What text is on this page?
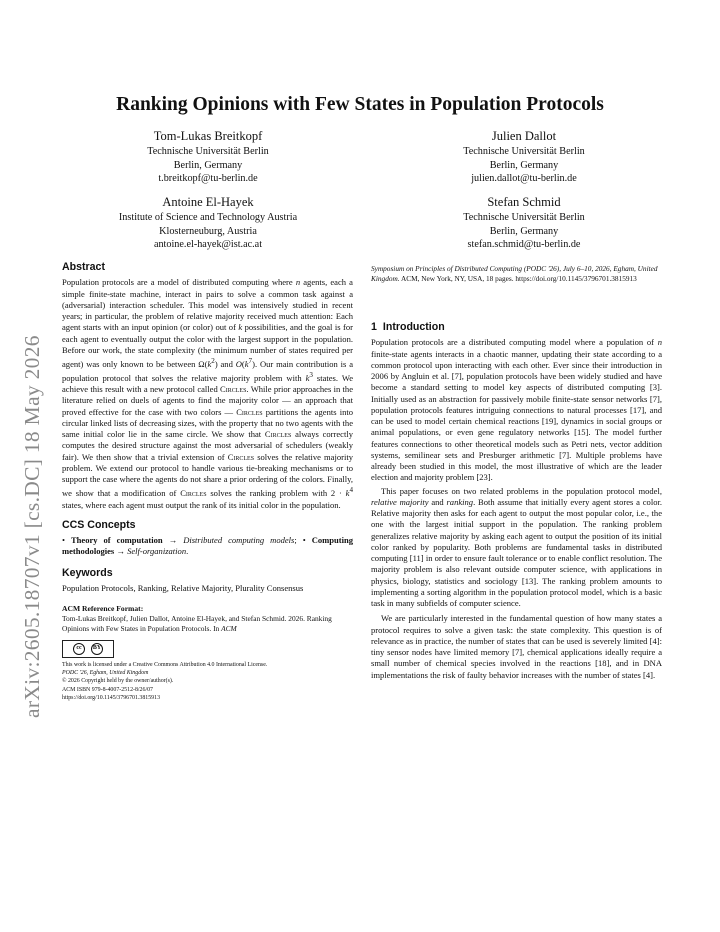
arXiv:2605.18707v1 [cs.DC] 18 May 2026
Ranking Opinions with Few States in Population Protocols
Tom-Lukas Breitkopf
Technische Universität Berlin
Berlin, Germany
t.breitkopf@tu-berlin.de
Julien Dallot
Technische Universität Berlin
Berlin, Germany
julien.dallot@tu-berlin.de
Antoine El-Hayek
Institute of Science and Technology Austria
Klosterneuburg, Austria
antoine.el-hayek@ist.ac.at
Stefan Schmid
Technische Universität Berlin
Berlin, Germany
stefan.schmid@tu-berlin.de
Abstract

Population protocols are a model of distributed computing where n agents, each a simple finite-state machine, interact in pairs to solve a common task against a (adversarial) interaction scheduler. This model was intensively studied in recent years; in particular, the problem of relative majority received much attention: Each agent starts with an input opinion (or color) out of k possibilities, and the goal is for each agent to eventually output the color with the largest support in the population. Before our work, the state complexity (the minimum number of states required per agent) was only known to be between $\Omega(k^2)$ and $O(k^7)$. Our main contribution is a population protocol that solves the relative majority problem with $k^3$ states. We achieve this result with a new protocol called Circles. While prior approaches in the literature relied on duels of agents to find the majority color — an approach that proved effective for the case with two colors — Circles partitions the agents into circular linked lists of decreasing sizes, with the property that no two agents with the same initial color lie in the same circle. We show that Circles always correctly computes the desired structure against the most adversarial of schedulers (weakly fair). We then show that a trivial extension of Circles solves the relative majority problem. We extend our protocol to handle various tie-breaking mechanisms or to support the case where the agents do not share a prior ordering of the colors. Finally, we show that a modification of Circles solves the ranking problem with $2 \cdot k^4$ states, where each agent must output the rank of its initial color in the population.

CCS Concepts

• Theory of computation → Distributed computing models; • Computing methodologies → Self-organization.

Keywords

Population Protocols, Ranking, Relative Majority, Plurality Consensus

ACM Reference Format:
Tom-Lukas Breitkopf, Julien Dallot, Antoine El-Hayek, and Stefan Schmid. 2026. Ranking Opinions with Few States in Population Protocols. In ACM
cc	BY
This work is licensed under a Creative Commons Attribution 4.0 International License.
PODC '26, Egham, United Kingdom
© 2026 Copyright held by the owner/author(s).
ACM ISBN 979-8-4007-2512-8/26/07
https://doi.org/10.1145/3796701.3815913

Symposium on Principles of Distributed Computing (PODC '26), July 6–10, 2026, Egham, United Kingdom. ACM, New York, NY, USA, 18 pages. https://doi.org/10.1145/3796701.3815913

1 Introduction

Population protocols are a distributed computing model where a population of n finite-state agents interacts in a chaotic manner, updating their state according to a common protocol upon interacting with each other. Ever since their introduction in 2006 by Angluin et al. [7], population protocols have been widely studied and have become a standard setting to model key aspects of distributed computing [3]. Initially used as an abstraction for passively mobile finite-state sensor networks [7], population protocols features intriguing connections to natural processes [17], and can be used to model certain chemical reactions [19], dynamics in social groups or animal populations, or even gene regulatory networks [15]. The model further features connections to other theoretical models such as Petri nets, vector addition systems, semilinear sets and Presburger arithmetic [7]. Multiple problems have already been studied in this model, the most illustrative of which are the leader election and majority problem [23].

This paper focuses on two related problems in the population protocol model, relative majority and ranking. Both assume that initially every agent stores a color. Relative majority then asks for each agent to output the most popular color, i.e., the one with the largest initial support in the population. The ranking problem generalizes relative majority by asking each agent to output the position of its initial color ranked by popularity. Both problems are fundamental tasks in distributed computing [11] in order to ensure fault tolerance or to enable conflict resolution. The majority problem is also relevant outside computer science, with applications in physics, biology, statistics and sociology [13]. The ranking problem amounts to implementing a sorting algorithm in the population protocol model, which is a basic task in many subfields of computer science.

We are particularly interested in the fundamental question of how many states a protocol requires to solve a given task: the state complexity. This question is of relevance as in practice, the number of states that can be used is severely limited [4]: tiny sensor nodes have limited memory [7], chemical applications ideally require a small number of chemical species involved in the reactions [18], and in DNA implementations the risk of faulty behavior increases with the number of states [4].
